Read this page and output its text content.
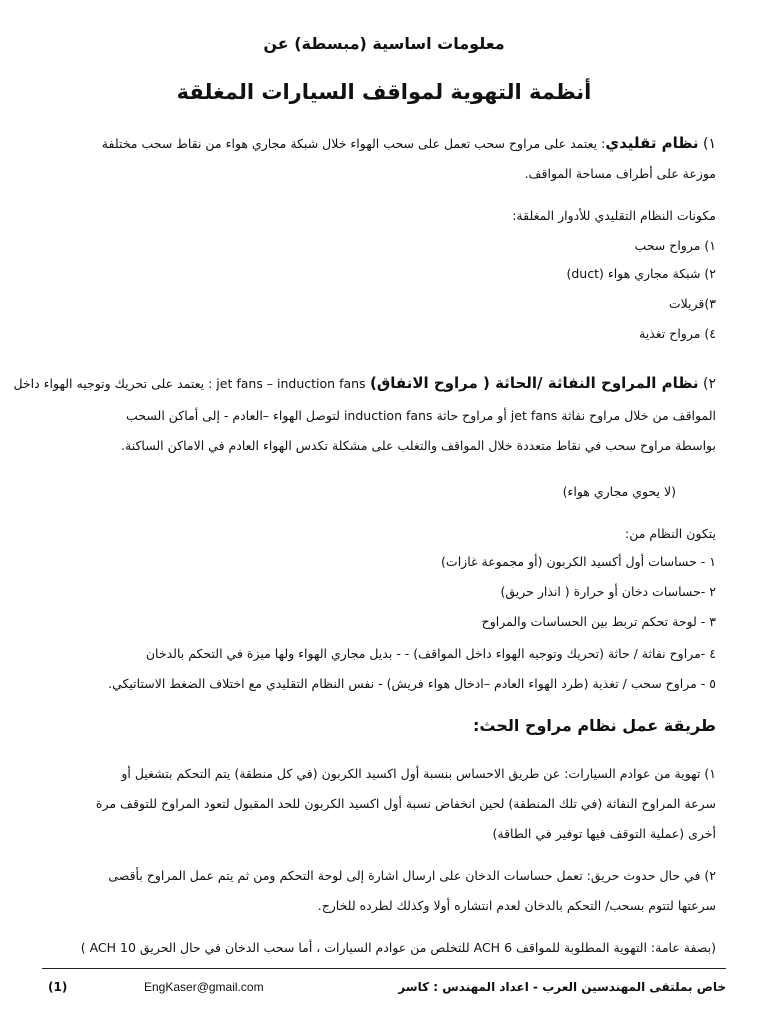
معلومات اساسية (مبسطة) عن
أنظمة التهوية لمواقف السيارات المغلقة
١) نظام تقليدي: يعتمد على مراوح سحب تعمل على سحب الهواء خلال شبكة مجاري هواء من نقاط سحب مختلفة
موزعة على أطراف مساحة المواقف.
مكونات النظام التقليدي للأدوار المغلقة:
١) مرواح سحب
٢) شبكة مجاري هواء (duct)
٣)قريلات
٤) مرواح تغذية
٢) نظام المراوح النفاثة /الحاثة ( مراوح الانفاق) jet fans – induction fans : يعتمد على تحريك وتوجيه الهواء داخل
المواقف من خلال مراوح نفاثة jet fans أو مراوح حاثة induction fans لتوصل الهواء –العادم - إلى أماكن السحب
بواسطة مراوح سحب في نقاط متعددة خلال المواقف والتغلب على مشكلة تكدس الهواء العادم في الاماكن الساكنة.
(لا يحوي مجاري هواء)
يتكون النظام من:
١ - حساسات أول أكسيد الكربون (أو مجموعة غازات)
٢ -حساسات دخان أو حرارة ( انذار حريق)
٣ - لوحة تحكم تربط بين الحساسات والمراوح
٤ -مراوح نفاثة / حاثة (تحريك وتوجيه الهواء داخل المواقف) - - بديل مجاري الهواء ولها ميزة في التحكم بالدخان
٥ - مراوح سحب / تغذية (طرد الهواء العادم –ادخال هواء فريش) - نفس النظام التقليدي مع اختلاف الضغط الاستاتيكي.
طريقة عمل نظام مراوح الحث:
١) تهوية من عوادم السيارات: عن طريق الاحساس بنسبة أول اكسيد الكربون (في كل منطقة) يتم التحكم بتشغيل أو
سرعة المراوح النفاثة (في تلك المنطقة) لحين انخفاض نسبة أول اكسيد الكربون للحد المقبول لتعود المراوح للتوقف مرة
أخرى (عملية التوقف فيها توفير في الطاقة)
٢) في حال حدوث حريق: تعمل حساسات الدخان على ارسال اشارة إلى لوحة التحكم ومن ثم يتم عمل المراوح بأقصى
سرعتها لتتوم بسحب/ التحكم بالدخان لعدم انتشاره أولا وكذلك لطرده للخارج.
(بصفة عامة: التهوية المطلوبة للمواقف 6 ACH للتخلص من عوادم السيارات ، أما سحب الدخان في حال الحريق 10 ACH )
خاص بملتقى المهندسين العرب - اعداد المهندس : كاسر
EngKaser@gmail.com
(1)
